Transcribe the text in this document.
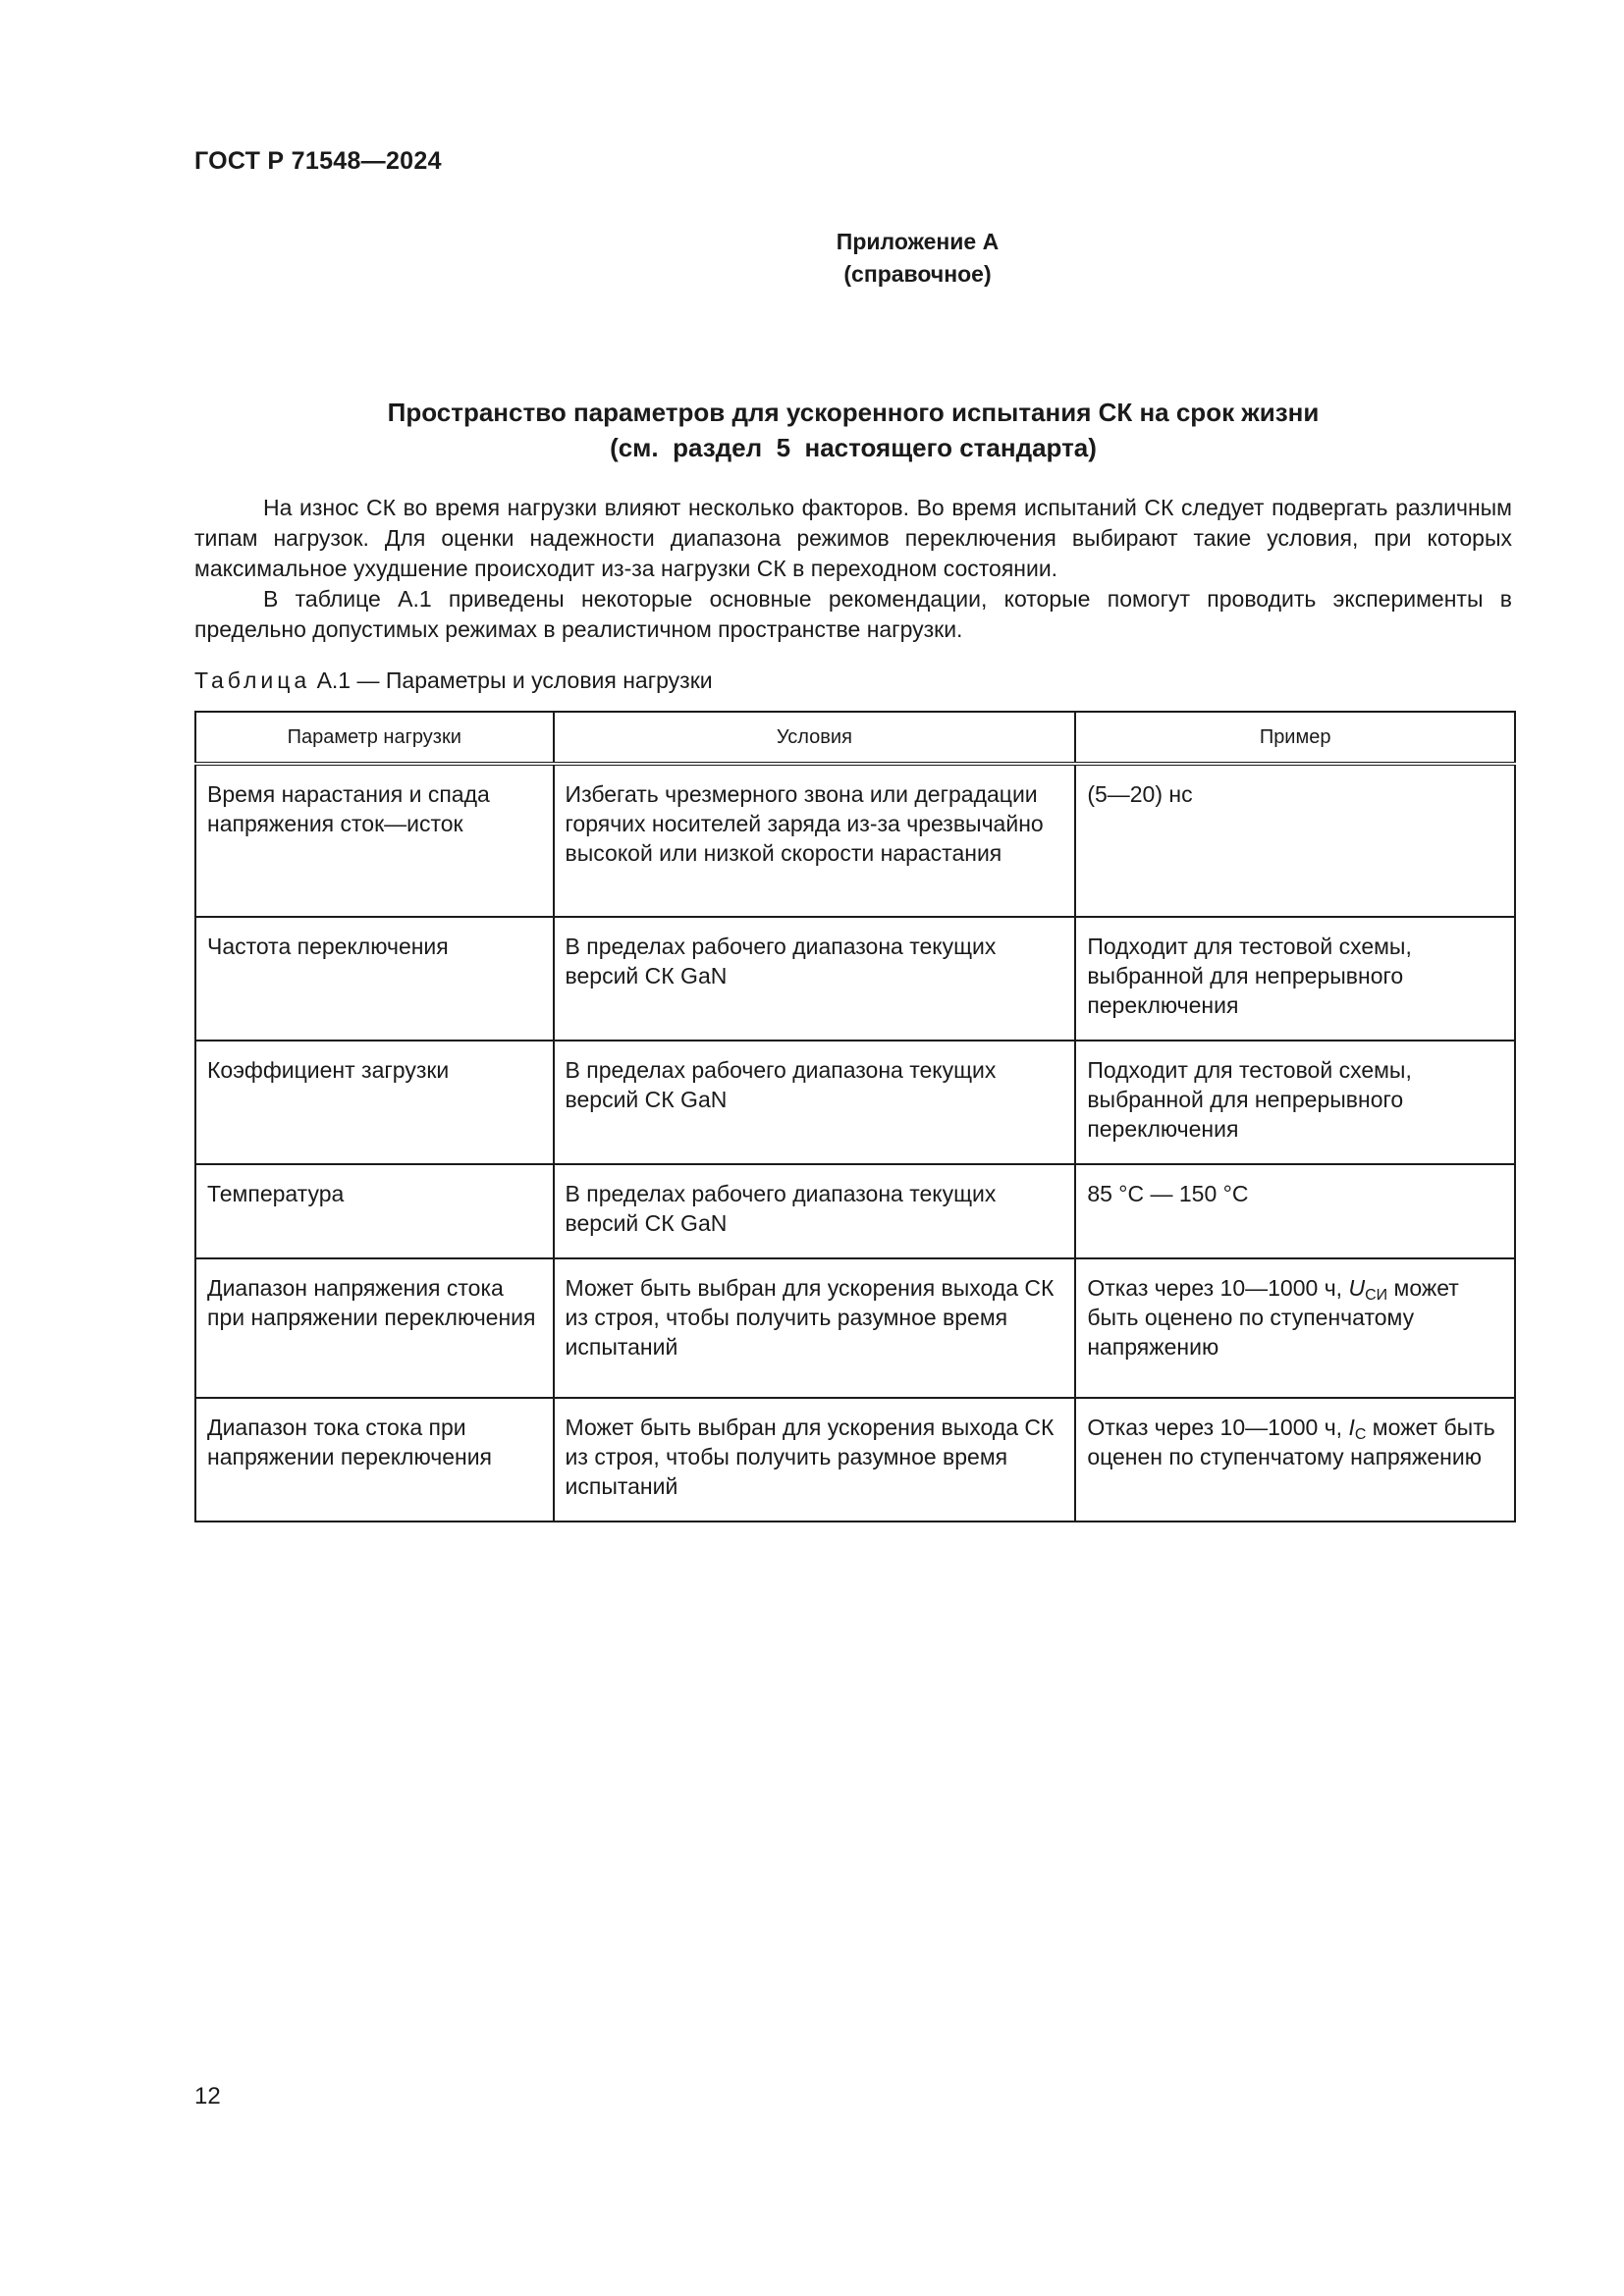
ГОСТ Р 71548—2024
Приложение А
(справочное)
Пространство параметров для ускоренного испытания СК на срок жизни
(см.  раздел  5  настоящего стандарта)

На износ СК во время нагрузки влияют несколько факторов. Во время испытаний СК следует подвергать различным типам нагрузок. Для оценки надежности диапазона режимов переключения выбирают такие условия, при которых максимальное ухудшение происходит из-за нагрузки СК в переходном состоянии.

В таблице А.1 приведены некоторые основные рекомендации, которые помогут проводить эксперименты в предельно допустимых режимах в реалистичном пространстве нагрузки.

Таблица А.1 — Параметры и условия нагрузки
Параметр нагрузки	Условия	Пример
Время нарастания и спада напряжения сток—исток	Избегать чрезмерного звона или деградации горячих носителей заряда из-за чрезвычайно высокой или низкой скорости нарастания	(5—20) нс
Частота переключения	В пределах рабочего диапазона текущих версий СК GaN	Подходит для тестовой схемы, выбранной для непрерывного переключения
Коэффициент загрузки	В пределах рабочего диапазона текущих версий СК GaN	Подходит для тестовой схемы, выбранной для непрерывного переключения
Температура	В пределах рабочего диапазона текущих версий СК GaN	85 °C — 150 °C
Диапазон напряжения стока при напряжении переключения	Может быть выбран для ускорения выхода СК из строя, чтобы получить разумное время испытаний	Отказ через 10—1000 ч, $U_{СИ}$ может быть оценено по ступенчатому напряжению
Диапазон тока стока при напряжении переключения	Может быть выбран для ускорения выхода СК из строя, чтобы получить разумное время испытаний	Отказ через 10—1000 ч, $I_С$ может быть оценен по ступенчатому напряжению
12
